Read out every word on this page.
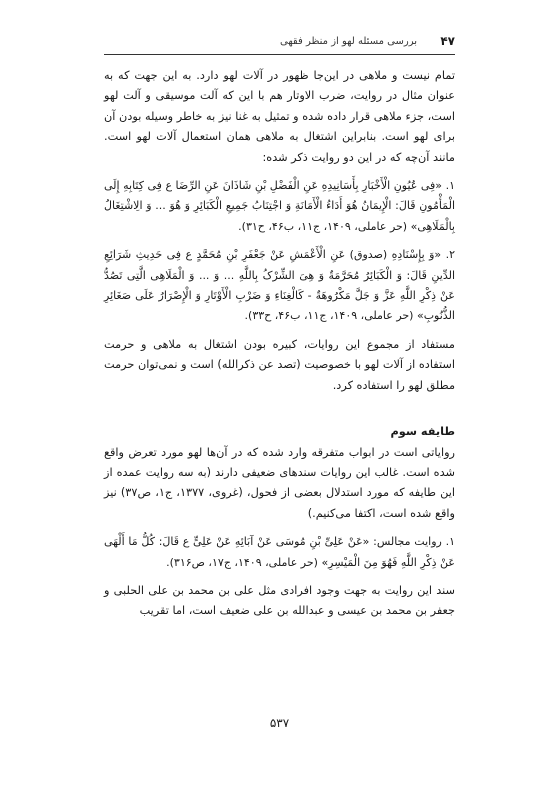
۴۷
بررسی مسئله لهو از منظر فقهی

تمام نیست و ملاهی در این‌جا ظهور در آلات لهو دارد. به این جهت که به عنوان مثال در روایت، ضرب الاوتار هم با این که آلت موسیقی و آلت لهو است، جزء ملاهی قرار داده شده و تمثیل به غنا نیز به خاطر وسیله بودن آن برای لهو است. بنابراین اشتغال به ملاهی همان استعمال آلات لهو است. مانند آن‌چه که در این دو روایت ذکر شده:

۱. «فِی عُیُونِ الْأَخْبَارِ بِأَسَانِیدِهِ عَنِ الْفَضْلِ بْنِ شَاذَانَ عَنِ الرِّضَا ع فِی کِتَابِهِ إِلَی الْمَأْمُونِ قَالَ: الْإِیمَانُ هُوَ أَدَاءُ الْأَمَانَةِ وَ اجْتِنَابُ جَمِیعِ الْکَبَائِرِ وَ هُوَ ... وَ الِاشْتِغَالُ بِالْمَلَاهِی» (حر عاملی، ۱۴۰۹، ج۱۱، ب۴۶، ح۳۱).

۲. «وَ بِإِسْنَادِهِ (صدوق) عَنِ الْأَعْمَشِ عَنْ جَعْفَرِ بْنِ مُحَمَّدٍ ع فِی حَدِیثِ شَرَائِعِ الدِّینِ قَالَ: وَ الْکَبَائِرُ مُحَرَّمَةٌ وَ هِیَ الشِّرْکُ بِاللَّهِ ... وَ ... وَ الْمَلَاهِی الَّتِی تَصُدُّ عَنْ ذِکْرِ اللَّهِ عَزَّ وَ جَلَّ مَکْرُوهَةٌ - کَالْغِنَاءِ وَ ضَرْبِ الْأَوْتَارِ وَ الْإِصْرَارُ عَلَی صَغَائِرِ الذُّنُوبِ» (حر عاملی، ۱۴۰۹، ج۱۱، ب۴۶، ح۳۳).

مستفاد از مجموع این روایات، کبیره بودن اشتغال به ملاهی و حرمت استفاده از آلات لهو با خصوصیت (تصد عن ذکرالله) است و نمی‌توان حرمت مطلق لهو را استفاده کرد.

طایفه سوم

روایاتی است در ابواب متفرقه وارد شده که در آن‌ها لهو مورد تعرض واقع شده است. غالب این روایات سندهای ضعیفی دارند (به سه روایت عمده از این طایفه که مورد استدلال بعضی از فحول، (غروی، ۱۳۷۷، ج۱، ص۳۷) نیز واقع شده است، اکتفا می‌کنیم.)

۱. روایت مجالس: «عَنْ عَلِیِّ بْنِ مُوسَی عَنْ آبَائِهِ عَنْ عَلِیٍّ ع قَالَ: کُلُّ مَا أَلْهَی عَنْ ذِکْرِ اللَّهِ فَهُوَ مِنَ الْمَیْسِرِ» (حر عاملی، ۱۴۰۹، ج۱۷، ص۳۱۶).

سند این روایت به جهت وجود افرادی مثل علی بن محمد بن علی الحلبی و جعفر بن محمد بن عیسی و عبدالله بن علی ضعیف است، اما تقریب

۵۳۷
